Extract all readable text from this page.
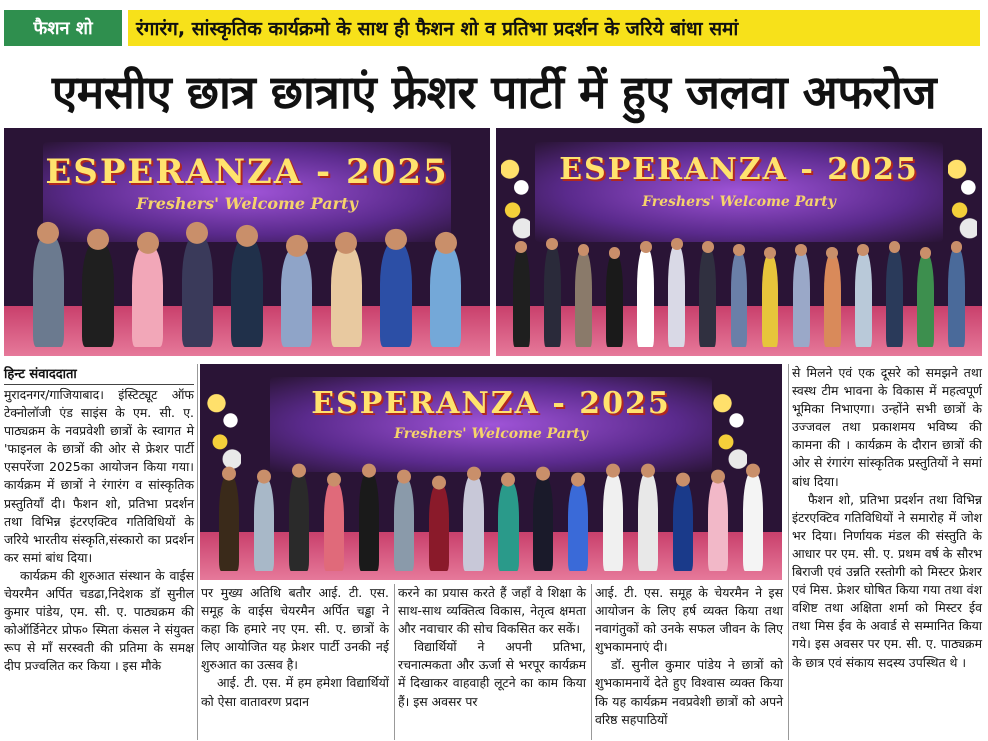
फैशन शो	रंगारंग, सांस्कृतिक कार्यक्रमो के साथ ही फैशन शो व प्रतिभा प्रदर्शन के जरिये बांधा समां
एमसीए छात्र छात्राएं फ्रेशर पार्टी में हुए जलवा अफरोज
ESPERANZA - 2025
Freshers' Welcome Party
ESPERANZA - 2025
Freshers' Welcome Party
ESPERANZA - 2025
Freshers' Welcome Party
हिन्ट संवाददाता

मुरादनगर/गाजियाबाद। इंस्टिट्यूट ऑफ टेक्नोलॉजी एंड साइंस के एम. सी. ए. पाठ्यक्रम के नवप्रवेशी छात्रों के स्वागत मे 'फाइनल के छात्रों की ओर से फ्रेशर पार्टी एसपरेंजा 2025का आयोजन किया गया। कार्यक्रम में छात्रों ने रंगारंग व सांस्कृतिक प्रस्तुतियाँ दी। फैशन शो, प्रतिभा प्रदर्शन तथा विभिन्न इंटरएक्टिव गतिविधियों के जरिये भारतीय संस्कृति,संस्कारो का प्रदर्शन कर समां बांध दिया।

कार्यक्रम की शुरुआत संस्थान के वाईस चेयरमैन अर्पित चडढा,निदेशक डॉ सुनील कुमार पांडेय, एम. सी. ए. पाठ्यक्रम की कोऑर्डिनेटर प्रोफ० स्मिता कंसल ने संयुक्त रूप से माँ सरस्वती की प्रतिमा के समक्ष दीप प्रज्वलित कर किया । इस मौके

पर मुख्य अतिथि बतौर आई. टी. एस. समूह के वाईस चेयरमैन अर्पित चड्ढा ने कहा कि हमारे नए एम. सी. ए. छात्रों के लिए आयोजित यह फ्रेशर पार्टी उनकी नई शुरुआत का उत्सव है।

आई. टी. एस. में हम हमेशा विद्यार्थियों को ऐसा वातावरण प्रदान

करने का प्रयास करते हैं जहाँ वे शिक्षा के साथ-साथ व्यक्तित्व विकास, नेतृत्व क्षमता और नवाचार की सोच विकसित कर सकें।

विद्यार्थियों ने अपनी प्रतिभा, रचनात्मकता और ऊर्जा से भरपूर कार्यक्रम में दिखाकर वाहवाही लूटने का काम किया हैं। इस अवसर पर

आई. टी. एस. समूह के चेयरमैन ने इस आयोजन के लिए हर्ष व्यक्त किया तथा नवागंतुकों को उनके सफल जीवन के लिए शुभकामनाएं दी।

डॉ. सुनील कुमार पांडेय ने छात्रों को शुभकामनायें देते हुए विश्वास व्यक्त किया कि यह कार्यक्रम नवप्रवेशी छात्रों को अपने वरिष्ठ सहपाठियों

से मिलने एवं एक दूसरे को समझने तथा स्वस्थ टीम भावना के विकास में महत्वपूर्ण भूमिका निभाएगा। उन्होंने सभी छात्रों के उज्जवल तथा प्रकाशमय भविष्य की कामना की । कार्यक्रम के दौरान छात्रों की ओर से रंगारंग सांस्कृतिक प्रस्तुतियों ने समां बांध दिया।

फैशन शो, प्रतिभा प्रदर्शन तथा विभिन्न इंटरएक्टिव गतिविधियों ने समारोह में जोश भर दिया। निर्णायक मंडल की संस्तुति के आधार पर एम. सी. ए. प्रथम वर्ष के सौरभ बिराजी एवं उन्नति रस्तोगी को मिस्टर फ्रेशर एवं मिस. फ्रेशर घोषित किया गया तथा वंश वशिष्ट तथा अक्षिता शर्मा को मिस्टर ईव तथा मिस ईव के अवार्ड से सम्मानित किया गये। इस अवसर पर एम. सी. ए. पाठ्यक्रम के छात्र एवं संकाय सदस्य उपस्थित थे ।
